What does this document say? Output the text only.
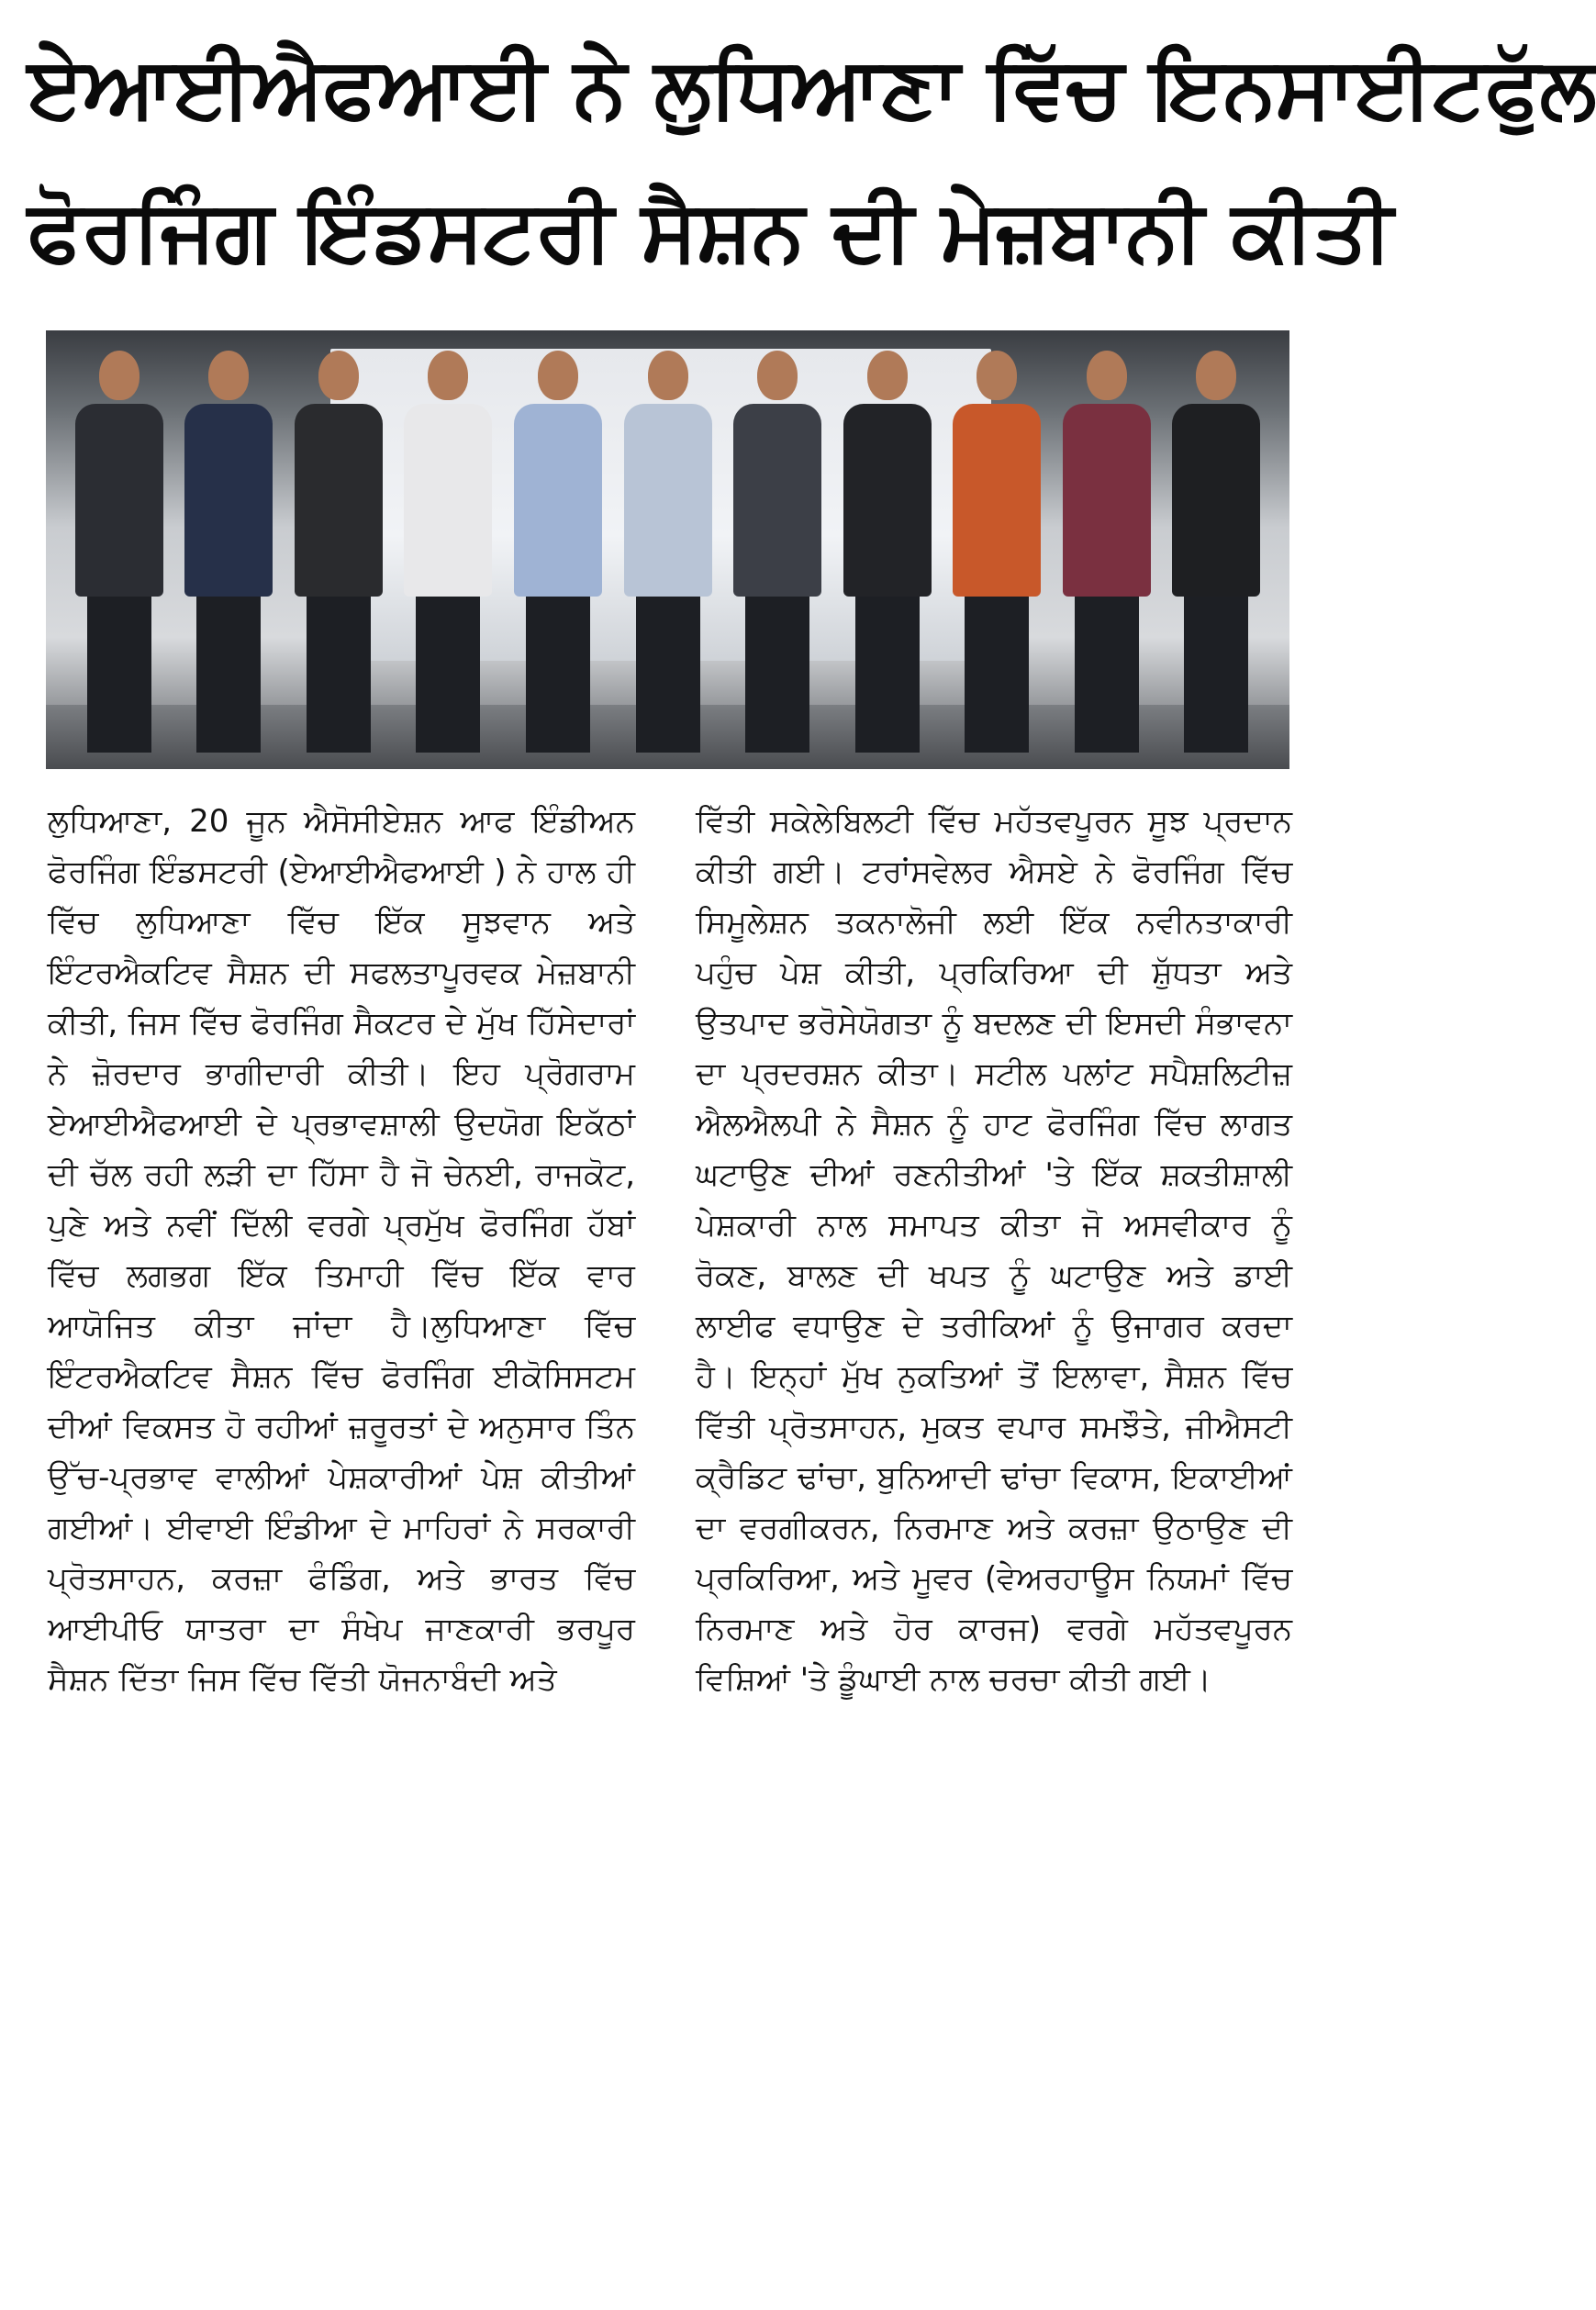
ਏਆਈਐਫਆਈ ਨੇ ਲੁਧਿਆਣਾ ਵਿੱਚ ਇਨਸਾਈਟਫੁੱਲ
ਫੋਰਜਿੰਗ ਇੰਡਸਟਰੀ ਸੈਸ਼ਨ ਦੀ ਮੇਜ਼ਬਾਨੀ ਕੀਤੀ

ਲੁਧਿਆਣਾ, 20 ਜੂਨ ਐਸੋਸੀਏਸ਼ਨ ਆਫ ਇੰਡੀਅਨ ਫੋਰਜਿੰਗ ਇੰਡਸਟਰੀ (ਏਆਈਐਫਆਈ ) ਨੇ ਹਾਲ ਹੀ ਵਿੱਚ ਲੁਧਿਆਣਾ ਵਿੱਚ ਇੱਕ ਸੂਝਵਾਨ ਅਤੇ ਇੰਟਰਐਕਟਿਵ ਸੈਸ਼ਨ ਦੀ ਸਫਲਤਾਪੂਰਵਕ ਮੇਜ਼ਬਾਨੀ ਕੀਤੀ, ਜਿਸ ਵਿੱਚ ਫੋਰਜਿੰਗ ਸੈਕਟਰ ਦੇ ਮੁੱਖ ਹਿੱਸੇਦਾਰਾਂ ਨੇ ਜ਼ੋਰਦਾਰ ਭਾਗੀਦਾਰੀ ਕੀਤੀ। ਇਹ ਪ੍ਰੋਗਰਾਮ ਏਆਈਐਫਆਈ ਦੇ ਪ੍ਰਭਾਵਸ਼ਾਲੀ ਉਦਯੋਗ ਇਕੱਠਾਂ ਦੀ ਚੱਲ ਰਹੀ ਲੜੀ ਦਾ ਹਿੱਸਾ ਹੈ ਜੋ ਚੇਨਈ, ਰਾਜਕੋਟ, ਪੁਣੇ ਅਤੇ ਨਵੀਂ ਦਿੱਲੀ ਵਰਗੇ ਪ੍ਰਮੁੱਖ ਫੋਰਜਿੰਗ ਹੱਬਾਂ ਵਿੱਚ ਲਗਭਗ ਇੱਕ ਤਿਮਾਹੀ ਵਿੱਚ ਇੱਕ ਵਾਰ ਆਯੋਜਿਤ ਕੀਤਾ ਜਾਂਦਾ ਹੈ।ਲੁਧਿਆਣਾ ਵਿੱਚ ਇੰਟਰਐਕਟਿਵ ਸੈਸ਼ਨ ਵਿੱਚ ਫੋਰਜਿੰਗ ਈਕੋਸਿਸਟਮ ਦੀਆਂ ਵਿਕਸਤ ਹੋ ਰਹੀਆਂ ਜ਼ਰੂਰਤਾਂ ਦੇ ਅਨੁਸਾਰ ਤਿੰਨ ਉੱਚ-ਪ੍ਰਭਾਵ ਵਾਲੀਆਂ ਪੇਸ਼ਕਾਰੀਆਂ ਪੇਸ਼ ਕੀਤੀਆਂ ਗਈਆਂ। ਈਵਾਈ ਇੰਡੀਆ ਦੇ ਮਾਹਿਰਾਂ ਨੇ ਸਰਕਾਰੀ ਪ੍ਰੋਤਸਾਹਨ, ਕਰਜ਼ਾ ਫੰਡਿੰਗ, ਅਤੇ ਭਾਰਤ ਵਿੱਚ ਆਈਪੀਓ ਯਾਤਰਾ ਦਾ ਸੰਖੇਪ ਜਾਣਕਾਰੀ ਭਰਪੂਰ ਸੈਸ਼ਨ ਦਿੱਤਾ ਜਿਸ ਵਿੱਚ ਵਿੱਤੀ ਯੋਜਨਾਬੰਦੀ ਅਤੇ

ਵਿੱਤੀ ਸਕੇਲੇਬਿਲਟੀ ਵਿੱਚ ਮਹੱਤਵਪੂਰਨ ਸੂਝ ਪ੍ਰਦਾਨ ਕੀਤੀ ਗਈ। ਟਰਾਂਸਵੇਲਰ ਐਸਏ ਨੇ ਫੋਰਜਿੰਗ ਵਿੱਚ ਸਿਮੂਲੇਸ਼ਨ ਤਕਨਾਲੋਜੀ ਲਈ ਇੱਕ ਨਵੀਨਤਾਕਾਰੀ ਪਹੁੰਚ ਪੇਸ਼ ਕੀਤੀ, ਪ੍ਰਕਿਰਿਆ ਦੀ ਸ਼ੁੱਧਤਾ ਅਤੇ ਉਤਪਾਦ ਭਰੋਸੇਯੋਗਤਾ ਨੂੰ ਬਦਲਣ ਦੀ ਇਸਦੀ ਸੰਭਾਵਨਾ ਦਾ ਪ੍ਰਦਰਸ਼ਨ ਕੀਤਾ। ਸਟੀਲ ਪਲਾਂਟ ਸਪੈਸ਼ਲਿਟੀਜ਼ ਐਲਐਲਪੀ ਨੇ ਸੈਸ਼ਨ ਨੂੰ ਹਾਟ ਫੋਰਜਿੰਗ ਵਿੱਚ ਲਾਗਤ ਘਟਾਉਣ ਦੀਆਂ ਰਣਨੀਤੀਆਂ 'ਤੇ ਇੱਕ ਸ਼ਕਤੀਸ਼ਾਲੀ ਪੇਸ਼ਕਾਰੀ ਨਾਲ ਸਮਾਪਤ ਕੀਤਾ ਜੋ ਅਸਵੀਕਾਰ ਨੂੰ ਰੋਕਣ, ਬਾਲਣ ਦੀ ਖਪਤ ਨੂੰ ਘਟਾਉਣ ਅਤੇ ਡਾਈ ਲਾਈਫ ਵਧਾਉਣ ਦੇ ਤਰੀਕਿਆਂ ਨੂੰ ਉਜਾਗਰ ਕਰਦਾ ਹੈ। ਇਨ੍ਹਾਂ ਮੁੱਖ ਨੁਕਤਿਆਂ ਤੋਂ ਇਲਾਵਾ, ਸੈਸ਼ਨ ਵਿੱਚ ਵਿੱਤੀ ਪ੍ਰੋਤਸਾਹਨ, ਮੁਕਤ ਵਪਾਰ ਸਮਝੌਤੇ, ਜੀਐਸਟੀ ਕ੍ਰੈਡਿਟ ਢਾਂਚਾ, ਬੁਨਿਆਦੀ ਢਾਂਚਾ ਵਿਕਾਸ, ਇਕਾਈਆਂ ਦਾ ਵਰਗੀਕਰਨ, ਨਿਰਮਾਣ ਅਤੇ ਕਰਜ਼ਾ ਉਠਾਉਣ ਦੀ ਪ੍ਰਕਿਰਿਆ, ਅਤੇ ਮੂਵਰ (ਵੇਅਰਹਾਊਸ ਨਿਯਮਾਂ ਵਿੱਚ ਨਿਰਮਾਣ ਅਤੇ ਹੋਰ ਕਾਰਜ) ਵਰਗੇ ਮਹੱਤਵਪੂਰਨ ਵਿਸ਼ਿਆਂ 'ਤੇ ਡੂੰਘਾਈ ਨਾਲ ਚਰਚਾ ਕੀਤੀ ਗਈ।
